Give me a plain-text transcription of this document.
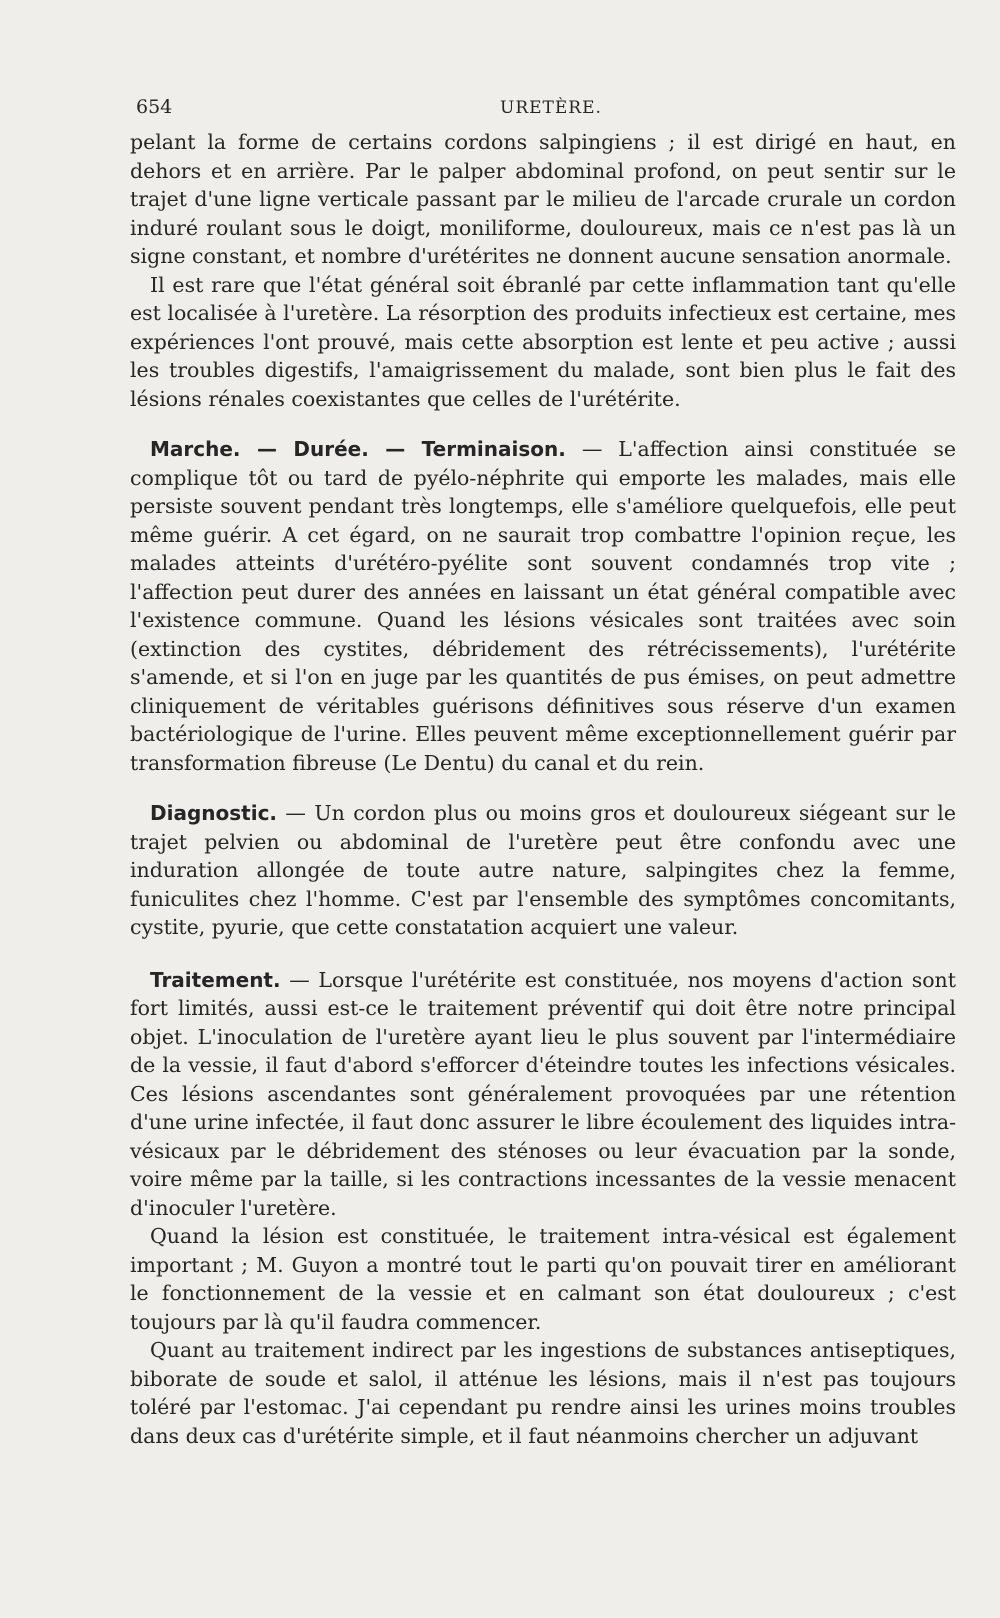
654	URETÈRE.

pelant la forme de certains cordons salpingiens ; il est dirigé en haut, en dehors et en arrière. Par le palper abdominal profond, on peut sentir sur le trajet d'une ligne verticale passant par le milieu de l'arcade crurale un cordon induré roulant sous le doigt, moniliforme, douloureux, mais ce n'est pas là un signe constant, et nombre d'urétérites ne donnent aucune sensation anormale.

Il est rare que l'état général soit ébranlé par cette inflammation tant qu'elle est localisée à l'uretère. La résorption des produits infectieux est certaine, mes expériences l'ont prouvé, mais cette absorption est lente et peu active ; aussi les troubles digestifs, l'amaigrissement du malade, sont bien plus le fait des lésions rénales coexistantes que celles de l'urétérite.

Marche. — Durée. — Terminaison. — L'affection ainsi constituée se complique tôt ou tard de pyélo-néphrite qui emporte les malades, mais elle persiste souvent pendant très longtemps, elle s'améliore quelquefois, elle peut même guérir. A cet égard, on ne saurait trop combattre l'opinion reçue, les malades atteints d'urétéro-pyélite sont souvent condamnés trop vite ; l'affection peut durer des années en laissant un état général compatible avec l'existence commune. Quand les lésions vésicales sont traitées avec soin (extinction des cystites, débridement des rétrécissements), l'urétérite s'amende, et si l'on en juge par les quantités de pus émises, on peut admettre cliniquement de véritables guérisons définitives sous réserve d'un examen bactériologique de l'urine. Elles peuvent même exceptionnellement guérir par transformation fibreuse (Le Dentu) du canal et du rein.

Diagnostic. — Un cordon plus ou moins gros et douloureux siégeant sur le trajet pelvien ou abdominal de l'uretère peut être confondu avec une induration allongée de toute autre nature, salpingites chez la femme, funiculites chez l'homme. C'est par l'ensemble des symptômes concomitants, cystite, pyurie, que cette constatation acquiert une valeur.

Traitement. — Lorsque l'urétérite est constituée, nos moyens d'action sont fort limités, aussi est-ce le traitement préventif qui doit être notre principal objet. L'inoculation de l'uretère ayant lieu le plus souvent par l'intermédiaire de la vessie, il faut d'abord s'efforcer d'éteindre toutes les infections vésicales. Ces lésions ascendantes sont généralement provoquées par une rétention d'une urine infectée, il faut donc assurer le libre écoulement des liquides intra-vésicaux par le débridement des sténoses ou leur évacuation par la sonde, voire même par la taille, si les contractions incessantes de la vessie menacent d'inoculer l'uretère.

Quand la lésion est constituée, le traitement intra-vésical est également important ; M. Guyon a montré tout le parti qu'on pouvait tirer en améliorant le fonctionnement de la vessie et en calmant son état douloureux ; c'est toujours par là qu'il faudra commencer.

Quant au traitement indirect par les ingestions de substances antiseptiques, biborate de soude et salol, il atténue les lésions, mais il n'est pas toujours toléré par l'estomac. J'ai cependant pu rendre ainsi les urines moins troubles dans deux cas d'urétérite simple, et il faut néanmoins chercher un adjuvant
